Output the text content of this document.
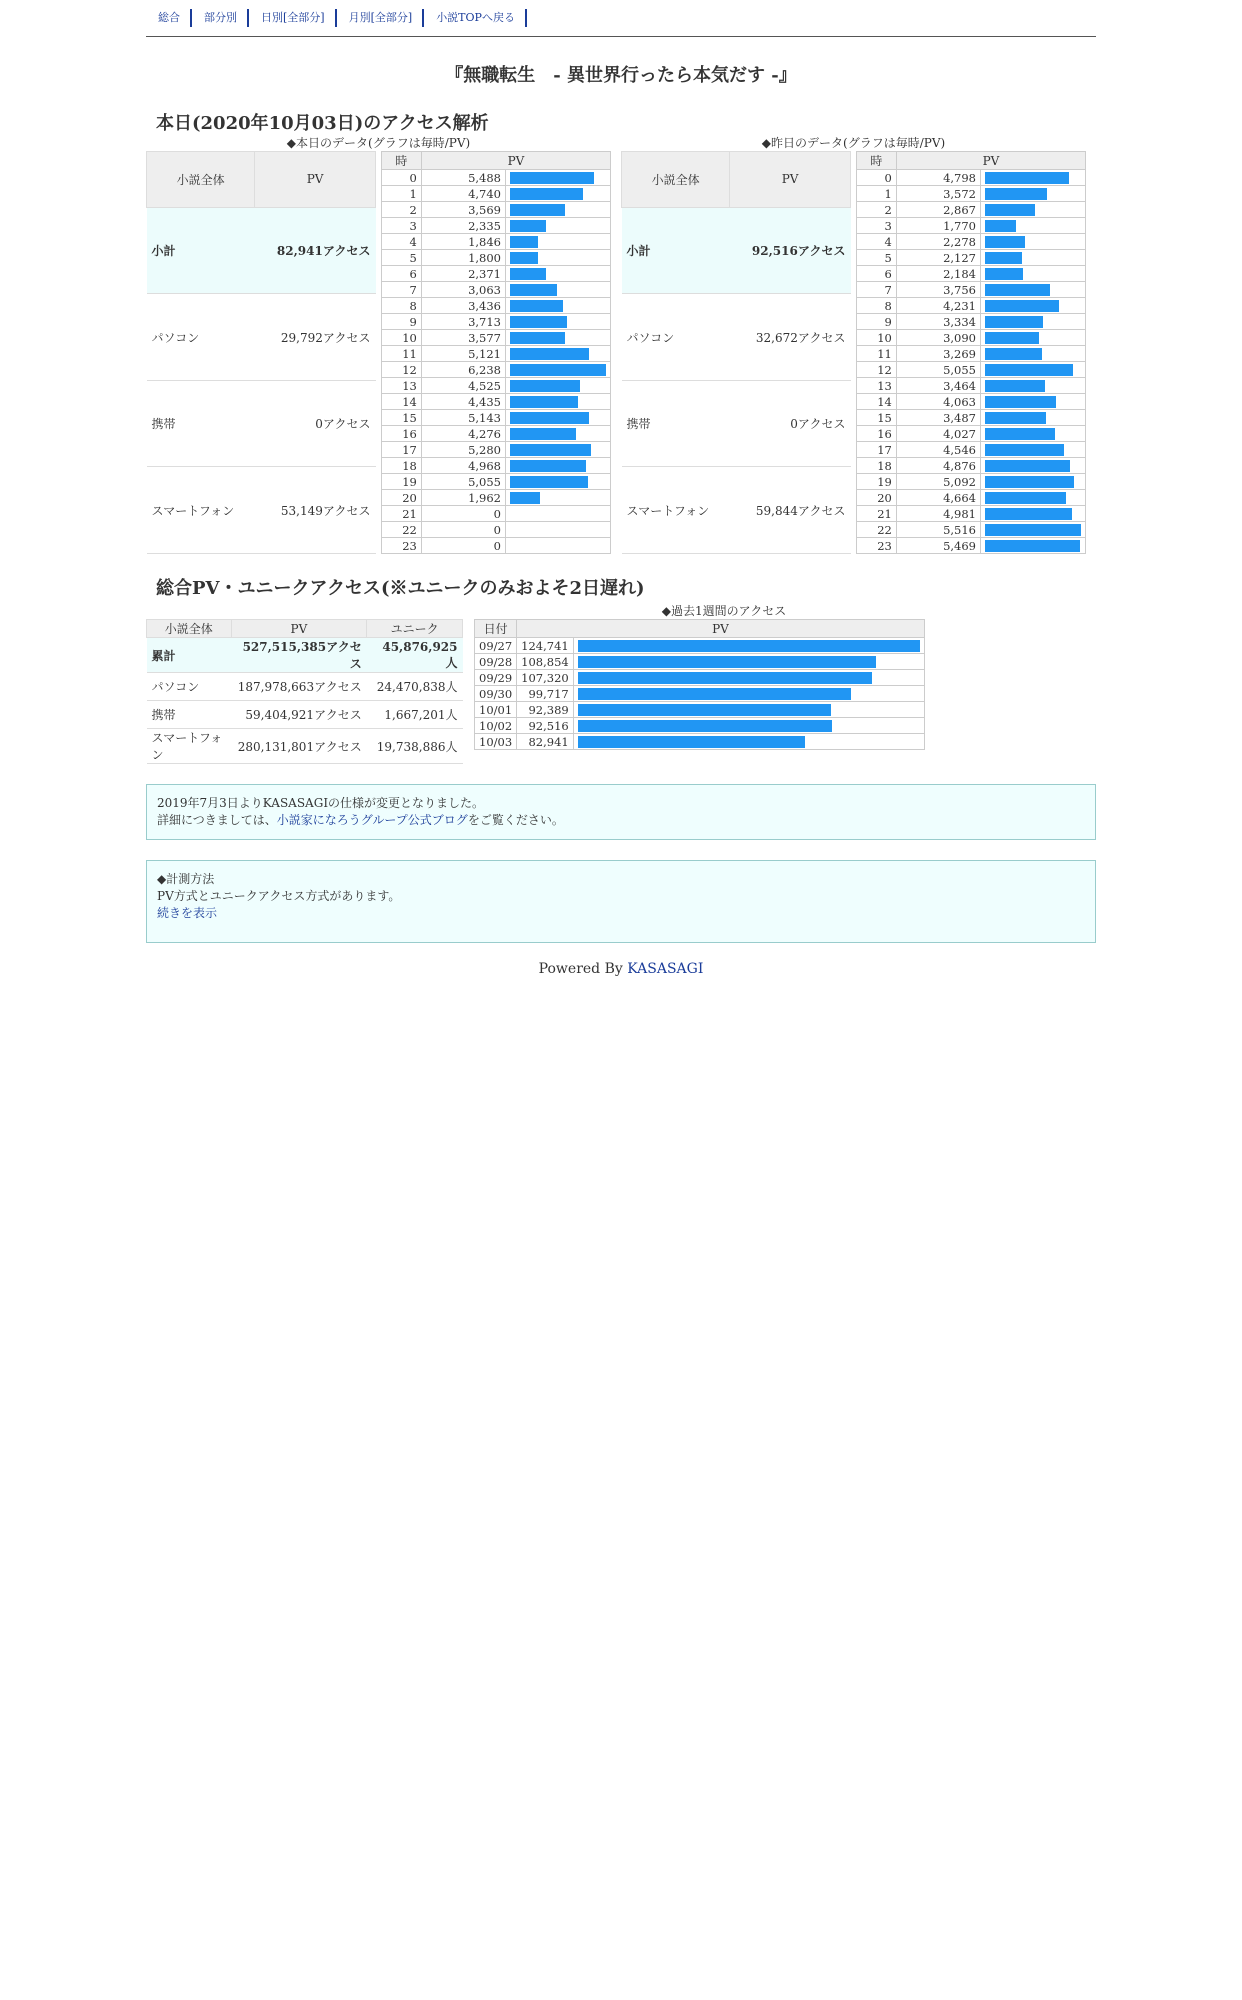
総合	部分別	日別[全部分]	月別[全部分]	小説TOPへ戻る
『無職転生　- 異世界行ったら本気だす -』
本日(2020年10月03日)のアクセス解析
◆本日のデータ(グラフは毎時/PV)
小説全体	PV
小計	82,941アクセス
パソコン	29,792アクセス
携帯	0アクセス
スマートフォン	53,149アクセス
時	PV	
0	5,488	

1	4,740	

2	3,569	

3	2,335	

4	1,846	

5	1,800	

6	2,371	

7	3,063	

8	3,436	

9	3,713	

10	3,577	

11	5,121	

12	6,238	

13	4,525	

14	4,435	

15	5,143	

16	4,276	

17	5,280	

18	4,968	

19	5,055	

20	1,962	

21	0	

22	0	

23	0	
◆昨日のデータ(グラフは毎時/PV)
小説全体	PV
小計	92,516アクセス
パソコン	32,672アクセス
携帯	0アクセス
スマートフォン	59,844アクセス
時	PV	
0	4,798	

1	3,572	

2	2,867	

3	1,770	

4	2,278	

5	2,127	

6	2,184	

7	3,756	

8	4,231	

9	3,334	

10	3,090	

11	3,269	

12	5,055	

13	3,464	

14	4,063	

15	3,487	

16	4,027	

17	4,546	

18	4,876	

19	5,092	

20	4,664	

21	4,981	

22	5,516	

23	5,469	
総合PV・ユニークアクセス(※ユニークのみおよそ2日遅れ)
小説全体	PV	ユニーク
累計	527,515,385アクセス	45,876,925人
パソコン	187,978,663アクセス	24,470,838人
携帯	59,404,921アクセス	1,667,201人
スマートフォン	280,131,801アクセス	19,738,886人
◆過去1週間のアクセス
日付	PV	
09/27	124,741	

09/28	108,854	

09/29	107,320	

09/30	99,717	

10/01	92,389	

10/02	92,516	

10/03	82,941	
2019年7月3日よりKASASAGIの仕様が変更となりました。
詳細につきましては、小説家になろうグループ公式ブログをご覧ください。
◆計測方法
PV方式とユニークアクセス方式があります。
続きを表示
Powered By KASASAGI
